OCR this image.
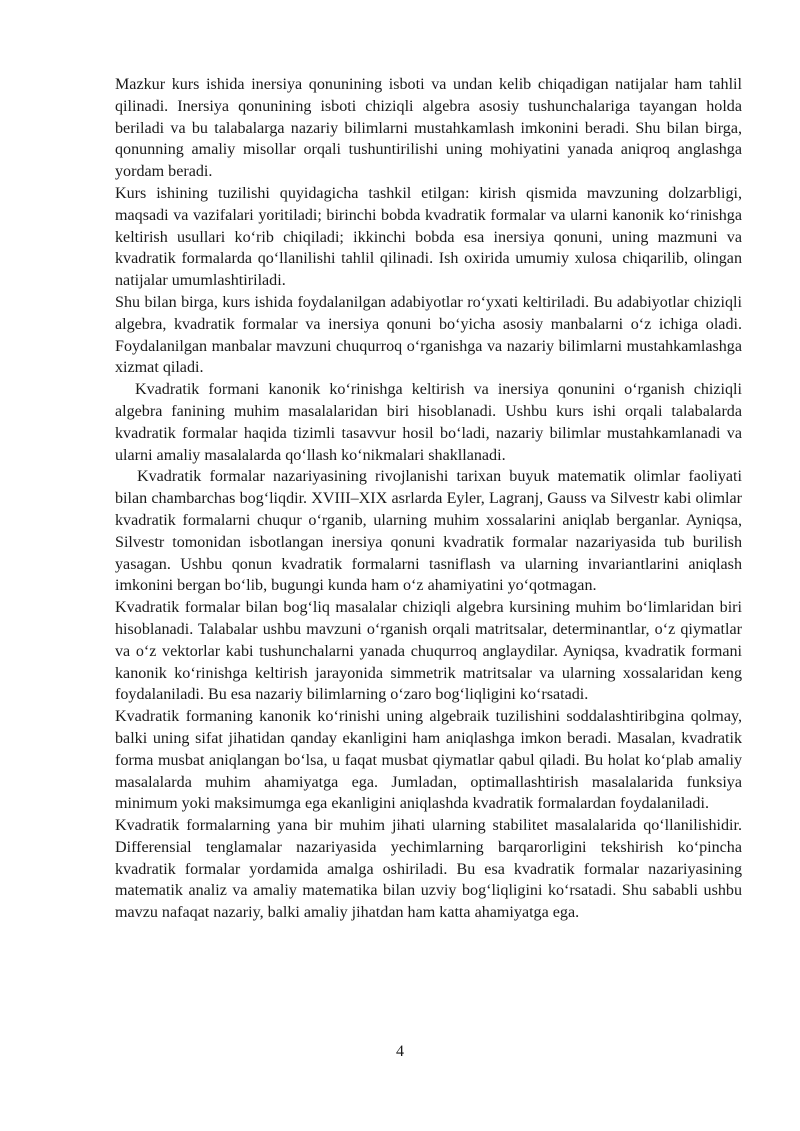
Mazkur kurs ishida inersiya qonunining isboti va undan kelib chiqadigan natijalar ham tahlil qilinadi. Inersiya qonunining isboti chiziqli algebra asosiy tushunchalariga tayangan holda beriladi va bu talabalarga nazariy bilimlarni mustahkamlash imkonini beradi. Shu bilan birga, qonunning amaliy misollar orqali tushuntirilishi uning mohiyatini yanada aniqroq anglashga yordam beradi.

Kurs ishining tuzilishi quyidagicha tashkil etilgan: kirish qismida mavzuning dolzarbligi, maqsadi va vazifalari yoritiladi; birinchi bobda kvadratik formalar va ularni kanonik koʻrinishga keltirish usullari koʻrib chiqiladi; ikkinchi bobda esa inersiya qonuni, uning mazmuni va kvadratik formalarda qoʻllanilishi tahlil qilinadi. Ish oxirida umumiy xulosa chiqarilib, olingan natijalar umumlashtiriladi.

Shu bilan birga, kurs ishida foydalanilgan adabiyotlar roʻyxati keltiriladi. Bu adabiyotlar chiziqli algebra, kvadratik formalar va inersiya qonuni boʻyicha asosiy manbalarni oʻz ichiga oladi. Foydalanilgan manbalar mavzuni chuqurroq oʻrganishga va nazariy bilimlarni mustahkamlashga xizmat qiladi.

Kvadratik formani kanonik koʻrinishga keltirish va inersiya qonunini oʻrganish chiziqli algebra fanining muhim masalalaridan biri hisoblanadi. Ushbu kurs ishi orqali talabalarda kvadratik formalar haqida tizimli tasavvur hosil boʻladi, nazariy bilimlar mustahkamlanadi va ularni amaliy masalalarda qoʻllash koʻnikmalari shakllanadi.

Kvadratik formalar nazariyasining rivojlanishi tarixan buyuk matematik olimlar faoliyati bilan chambarchas bogʻliqdir. XVIII–XIX asrlarda Eyler, Lagranj, Gauss va Silvestr kabi olimlar kvadratik formalarni chuqur oʻrganib, ularning muhim xossalarini aniqlab berganlar. Ayniqsa, Silvestr tomonidan isbotlangan inersiya qonuni kvadratik formalar nazariyasida tub burilish yasagan. Ushbu qonun kvadratik formalarni tasniflash va ularning invariantlarini aniqlash imkonini bergan boʻlib, bugungi kunda ham oʻz ahamiyatini yoʻqotmagan.

Kvadratik formalar bilan bogʻliq masalalar chiziqli algebra kursining muhim boʻlimlaridan biri hisoblanadi. Talabalar ushbu mavzuni oʻrganish orqali matritsalar, determinantlar, oʻz qiymatlar va oʻz vektorlar kabi tushunchalarni yanada chuqurroq anglaydilar. Ayniqsa, kvadratik formani kanonik koʻrinishga keltirish jarayonida simmetrik matritsalar va ularning xossalaridan keng foydalaniladi. Bu esa nazariy bilimlarning oʻzaro bogʻliqligini koʻrsatadi.

Kvadratik formaning kanonik koʻrinishi uning algebraik tuzilishini soddalashtiribgina qolmay, balki uning sifat jihatidan qanday ekanligini ham aniqlashga imkon beradi. Masalan, kvadratik forma musbat aniqlangan boʻlsa, u faqat musbat qiymatlar qabul qiladi. Bu holat koʻplab amaliy masalalarda muhim ahamiyatga ega. Jumladan, optimallashtirish masalalarida funksiya minimum yoki maksimumga ega ekanligini aniqlashda kvadratik formalardan foydalaniladi.

Kvadratik formalarning yana bir muhim jihati ularning stabilitet masalalarida qoʻllanilishidir. Differensial tenglamalar nazariyasida yechimlarning barqarorligini tekshirish koʻpincha kvadratik formalar yordamida amalga oshiriladi. Bu esa kvadratik formalar nazariyasining matematik analiz va amaliy matematika bilan uzviy bogʻliqligini koʻrsatadi. Shu sababli ushbu mavzu nafaqat nazariy, balki amaliy jihatdan ham katta ahamiyatga ega.

4
